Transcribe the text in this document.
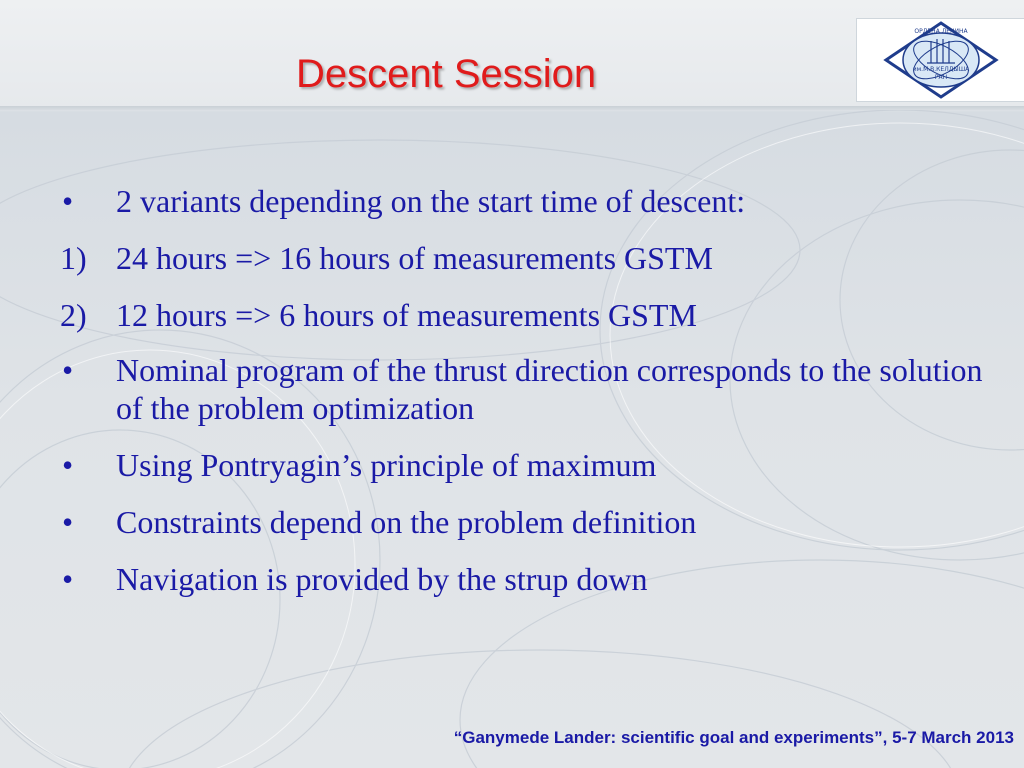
Descent Session
ОРДЕНА ЛЕНИНА
им.М.В.КЕЛДЫША
РАН
•	2 variants depending on the start time of descent:
1) 24 hours => 16 hours of measurements GSTM
2) 12 hours => 6 hours of measurements GSTM
•	Nominal program of the thrust direction corresponds to the solution of the problem optimization
•	Using Pontryagin’s principle of maximum
•	Constraints depend on the problem definition
•	Navigation is provided by the strup down
“Ganymede Lander: scientific goal and experiments”, 5-7 March 2013
